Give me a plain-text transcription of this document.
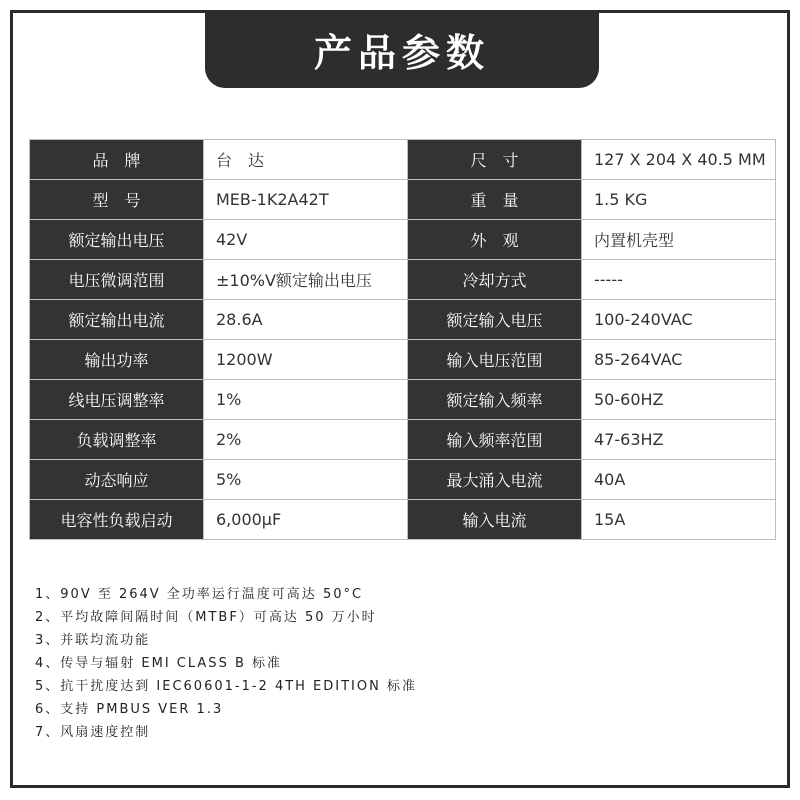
产品参数
品　牌	台　达	尺　寸	127 X 204 X 40.5 MM
型　号	MEB-1K2A42T	重　量	1.5 KG
额定输出电压	42V	外　观	内置机壳型
电压微调范围	±10%V额定输出电压	冷却方式	-----
额定输出电流	28.6A	额定输入电压	100-240VAC
输出功率	1200W	输入电压范围	85-264VAC
线电压调整率	1%	额定输入频率	50-60HZ
负载调整率	2%	输入频率范围	47-63HZ
动态响应	5%	最大涌入电流	40A
电容性负载启动	6,000μF	输入电流	15A
1、90V 至 264V 全功率运行温度可高达 50°C
2、平均故障间隔时间（MTBF）可高达 50 万小时
3、并联均流功能
4、传导与辐射 EMI CLASS B 标准
5、抗干扰度达到 IEC60601-1-2 4TH EDITION 标准
6、支持 PMBUS VER 1.3
7、风扇速度控制
